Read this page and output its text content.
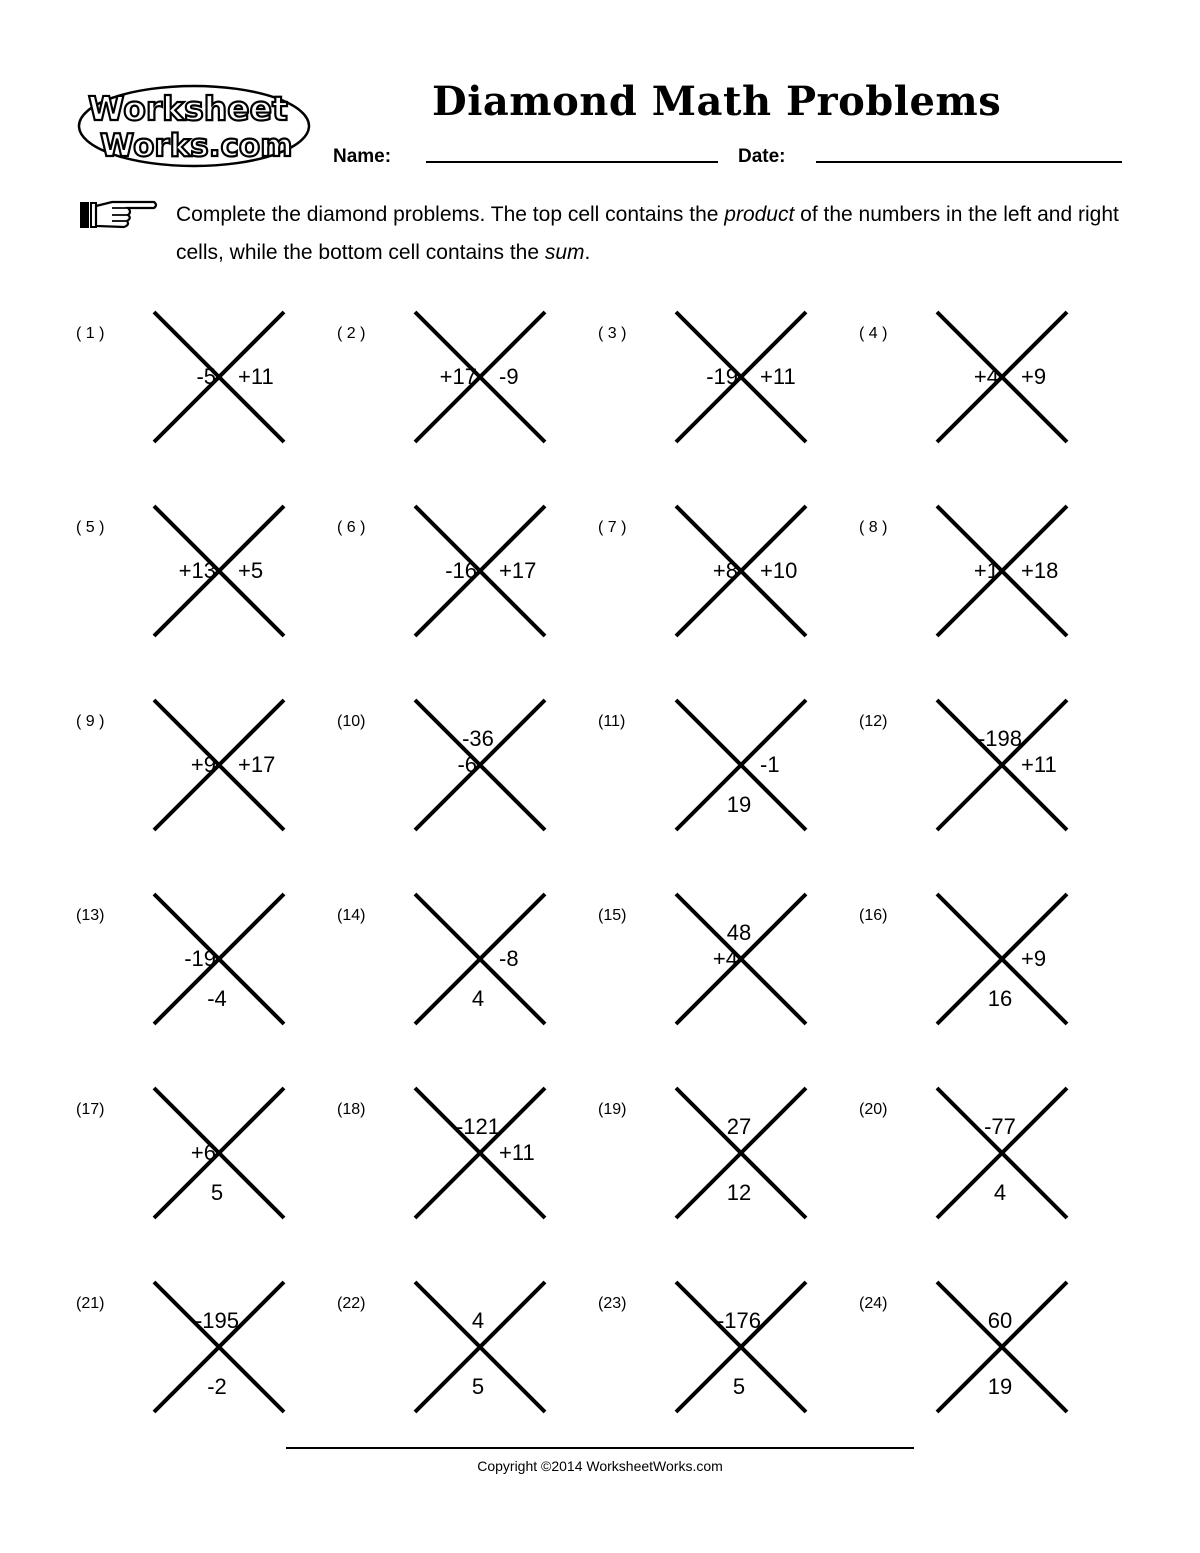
Worksheet
Works.com
Diamond Math Problems
Name:	Date:

Complete the diamond problems. The top cell contains the product of the numbers in the left and right cells, while the bottom cell contains the sum.

( 1 )
-5 +11
( 2 )
+17 -9
( 3 )
-19 +11
( 4 )
+4 +9
( 5 )
+13 +5
( 6 )
-16 +17
( 7 )
+8 +10
( 8 )
+1 +18
( 9 )
+9 +17
(10)
-36
-6
(11)
-1
19
(12)
-198
+11
(13)
-19
-4
(14)
-8
4
(15)
48
+4
(16)
+9
16
(17)
+6
5
(18)
-121
+11
(19)
27
12
(20)
-77
4
(21)
-195
-2
(22)
4
5
(23)
-176
5
(24)
60
19
Copyright ©2014 WorksheetWorks.com
